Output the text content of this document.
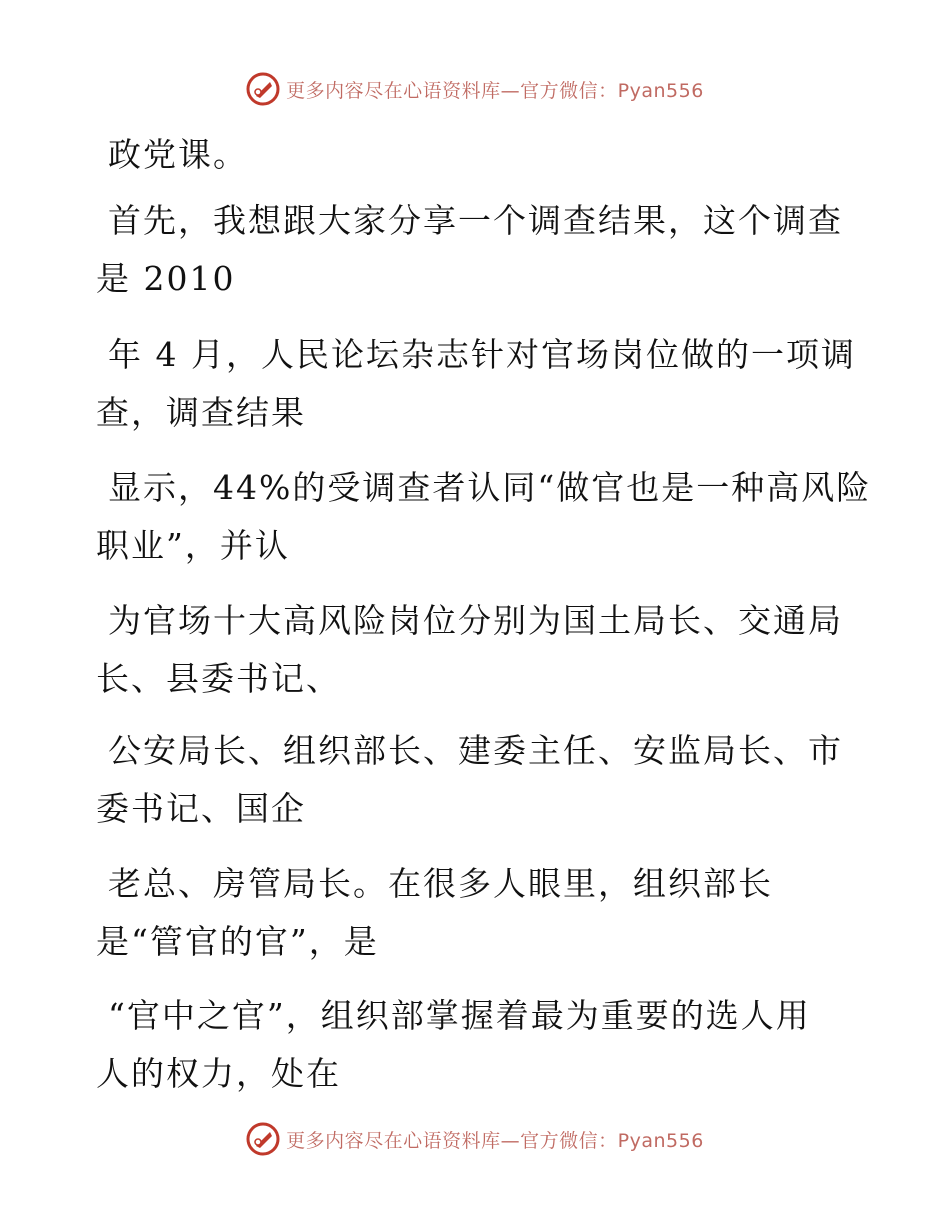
更多内容尽在心语资料库—官方微信：Pyan556
政党课。
首先，我想跟大家分享一个调查结果，这个调查
是 2010
年 4 月，人民论坛杂志针对官场岗位做的一项调
查，调查结果
显示，44%的受调查者认同“做官也是一种高风险
职业”，并认
为官场十大高风险岗位分别为国土局长、交通局
长、县委书记、
公安局长、组织部长、建委主任、安监局长、市
委书记、国企
老总、房管局长。在很多人眼里，组织部长
是“管官的官”，是
“官中之官”，组织部掌握着最为重要的选人用
人的权力，处在
更多内容尽在心语资料库—官方微信：Pyan556
